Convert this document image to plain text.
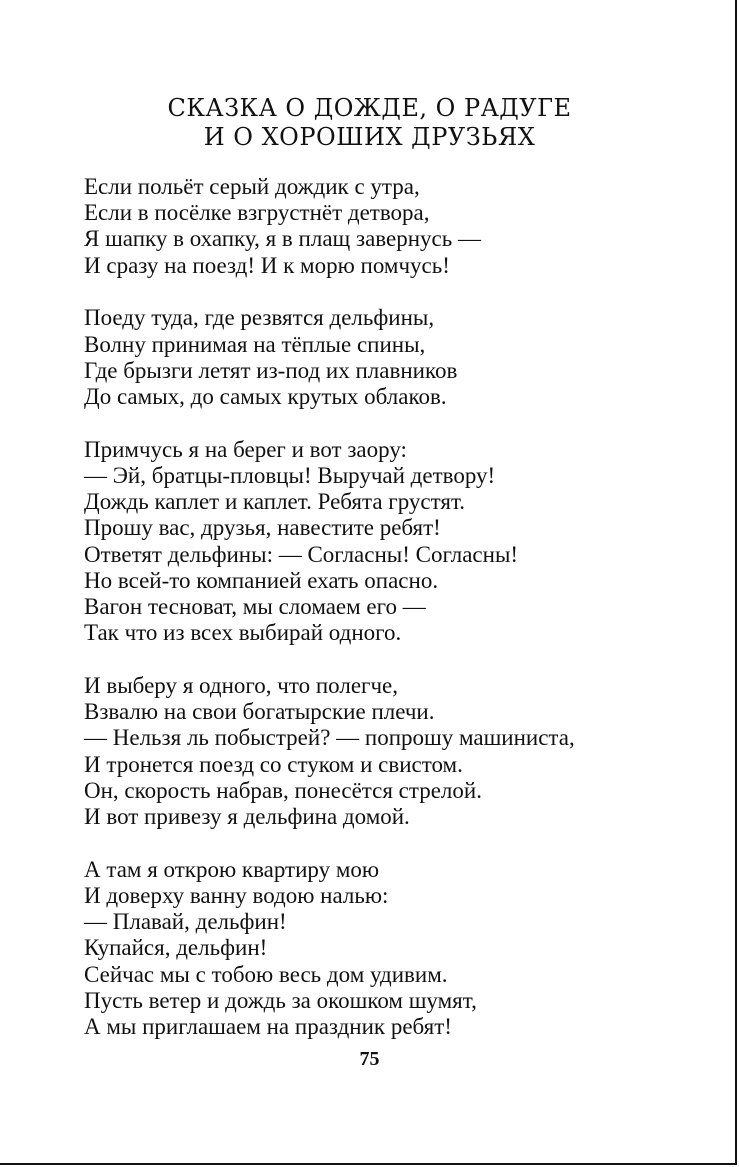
СКАЗКА О ДОЖДЕ, О РАДУГЕ
И О ХОРОШИХ ДРУЗЬЯХ
Если польёт серый дождик с утра,
Если в посёлке взгрустнёт детвора,
Я шапку в охапку, я в плащ завернусь —
И сразу на поезд! И к морю помчусь!
Поеду туда, где резвятся дельфины,
Волну принимая на тёплые спины,
Где брызги летят из-под их плавников
До самых, до самых крутых облаков.
Примчусь я на берег и вот заору:
— Эй, братцы-пловцы! Выручай детвору!
Дождь каплет и каплет. Ребята грустят.
Прошу вас, друзья, навестите ребят!
Ответят дельфины: — Согласны! Согласны!
Но всей-то компанией ехать опасно.
Вагон тесноват, мы сломаем его —
Так что из всех выбирай одного.
И выберу я одного, что полегче,
Взвалю на свои богатырские плечи.
— Нельзя ль побыстрей? — попрошу машиниста,
И тронется поезд со стуком и свистом.
Он, скорость набрав, понесётся стрелой.
И вот привезу я дельфина домой.
А там я открою квартиру мою
И доверху ванну водою налью:
— Плавай, дельфин!
Купайся, дельфин!
Сейчас мы с тобою весь дом удивим.
Пусть ветер и дождь за окошком шумят,
А мы приглашаем на праздник ребят!
75
